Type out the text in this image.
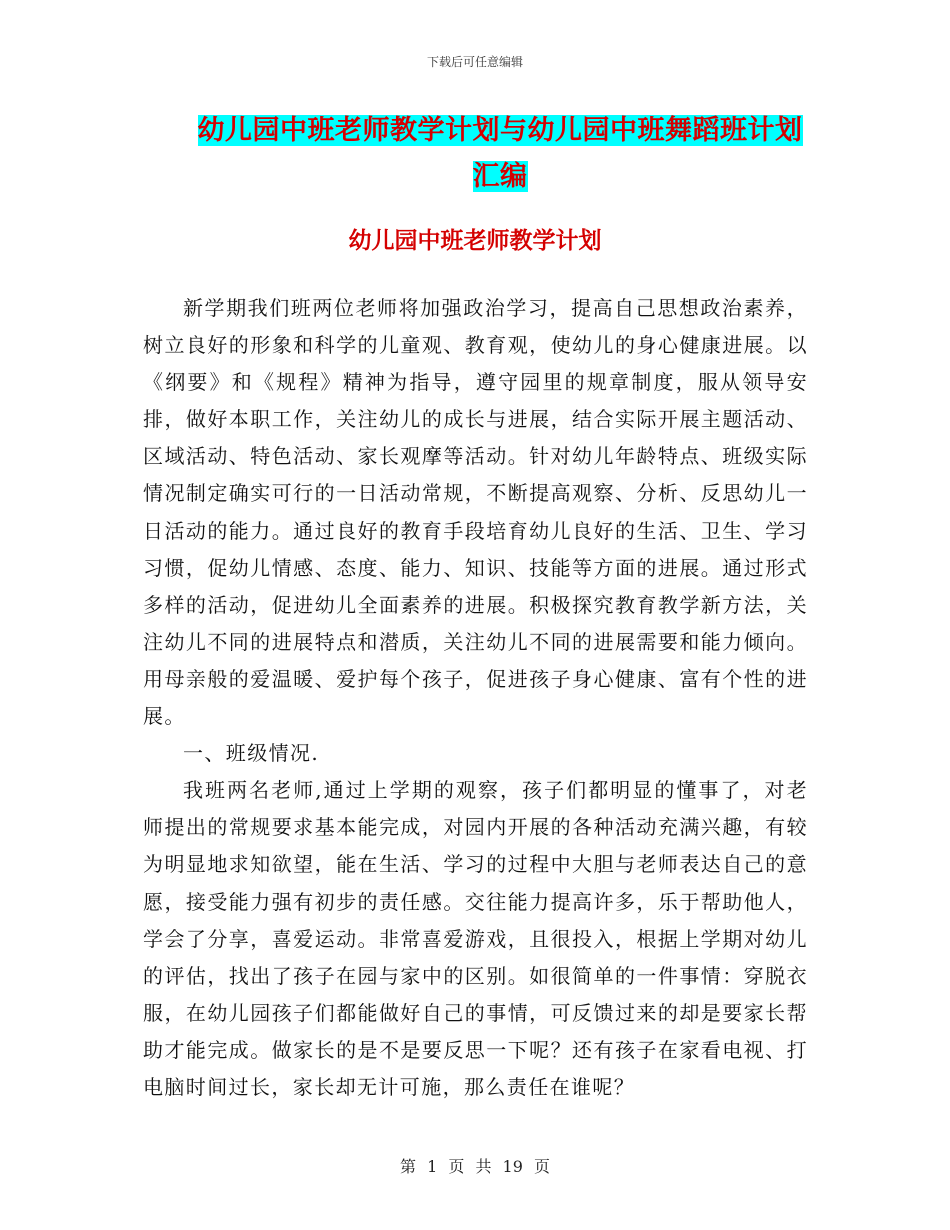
下载后可任意编辑
幼儿园中班老师教学计划与幼儿园中班舞蹈班计划汇编
幼儿园中班老师教学计划

新学期我们班两位老师将加强政治学习，提高自己思想政治素养，树立良好的形象和科学的儿童观、教育观，使幼儿的身心健康进展。以《纲要》和《规程》精神为指导，遵守园里的规章制度，服从领导安排，做好本职工作，关注幼儿的成长与进展，结合实际开展主题活动、区域活动、特色活动、家长观摩等活动。针对幼儿年龄特点、班级实际情况制定确实可行的一日活动常规，不断提高观察、分析、反思幼儿一日活动的能力。通过良好的教育手段培育幼儿良好的生活、卫生、学习习惯，促幼儿情感、态度、能力、知识、技能等方面的进展。通过形式多样的活动，促进幼儿全面素养的进展。积极探究教育教学新方法，关注幼儿不同的进展特点和潜质，关注幼儿不同的进展需要和能力倾向。用母亲般的爱温暖、爱护每个孩子，促进孩子身心健康、富有个性的进展。

一、班级情况.

我班两名老师,通过上学期的观察，孩子们都明显的懂事了，对老师提出的常规要求基本能完成，对园内开展的各种活动充满兴趣，有较为明显地求知欲望，能在生活、学习的过程中大胆与老师表达自己的意愿，接受能力强有初步的责任感。交往能力提高许多，乐于帮助他人，学会了分享，喜爱运动。非常喜爱游戏，且很投入，根据上学期对幼儿的评估，找出了孩子在园与家中的区别。如很简单的一件事情：穿脱衣服，在幼儿园孩子们都能做好自己的事情，可反馈过来的却是要家长帮助才能完成。做家长的是不是要反思一下呢？还有孩子在家看电视、打电脑时间过长，家长却无计可施，那么责任在谁呢？

第 1 页 共 19 页
